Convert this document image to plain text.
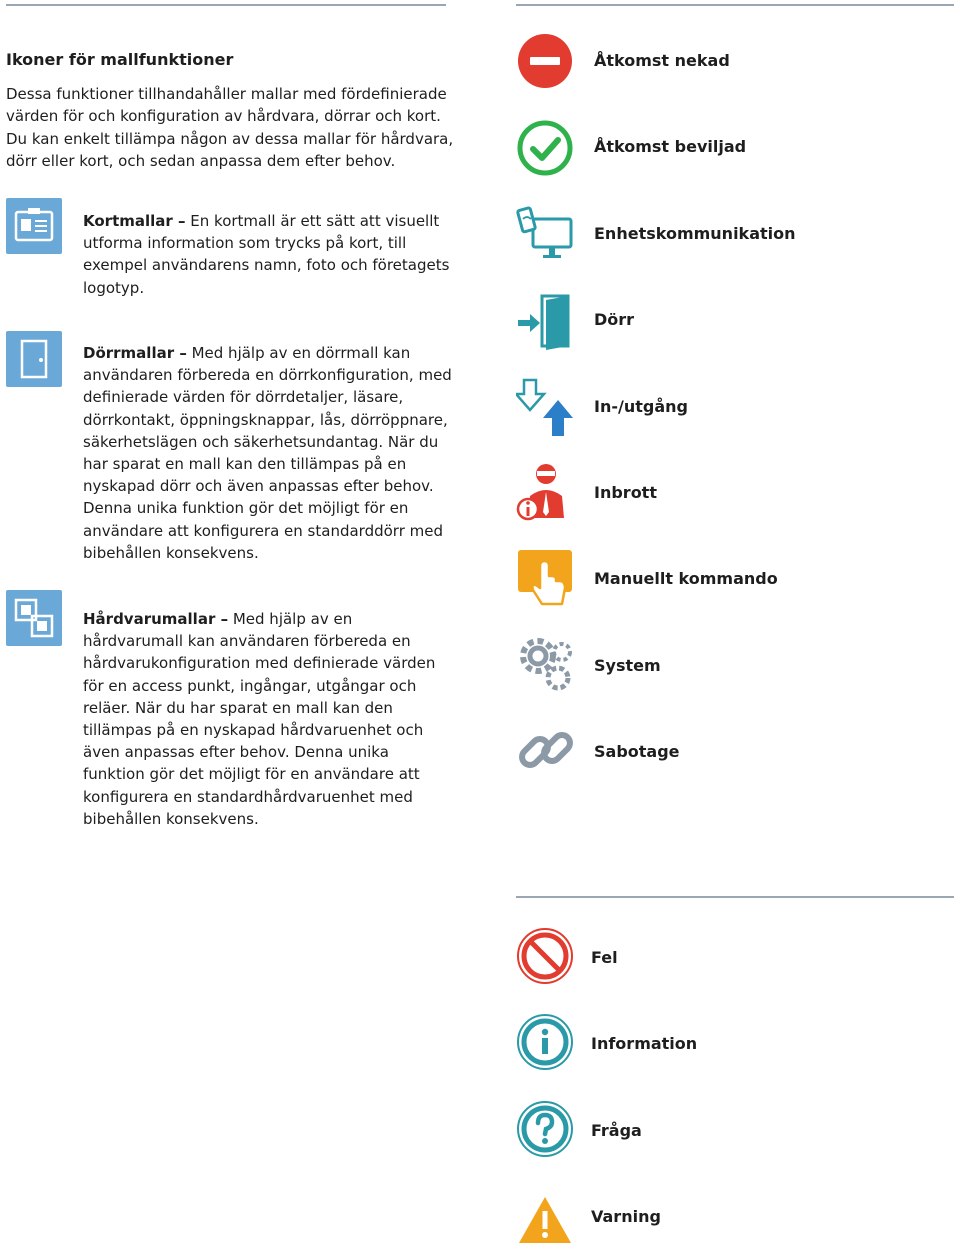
Ikoner för mallfunktioner
Dessa funktioner tillhandahåller mallar med fördefinierade värden för och konfiguration av hårdvara, dörrar och kort. Du kan enkelt tillämpa någon av dessa mallar för hårdvara, dörr eller kort, och sedan anpassa dem efter behov.
Kortmallar – En kortmall är ett sätt att visuellt utforma information som trycks på kort, till exempel användarens namn, foto och företagets logotyp.
Dörrmallar – Med hjälp av en dörrmall kan användaren förbereda en dörrkonfiguration, med definierade värden för dörrdetaljer, läsare, dörrkontakt, öppningsknappar, lås, dörröppnare, säkerhetslägen och säkerhetsundantag. När du har sparat en mall kan den tillämpas på en nyskapad dörr och även anpassas efter behov. Denna unika funktion gör det möjligt för en användare att konfigurera en standarddörr med bibehållen konsekvens.
Hårdvarumallar – Med hjälp av en hårdvarumall kan användaren förbereda en hårdvarukonfiguration med definierade värden för en access punkt, ingångar, utgångar och reläer. När du har sparat en mall kan den tillämpas på en nyskapad hårdvaruenhet och även anpassas efter behov. Denna unika funktion gör det möjligt för en användare att konfigurera en standardhårdvaruenhet med bibehållen konsekvens.
Åtkomst nekad
Åtkomst beviljad
Enhetskommunikation
Dörr
In-/utgång
Inbrott
Manuellt kommando
System
Sabotage
Fel
Information
Fråga
Varning
